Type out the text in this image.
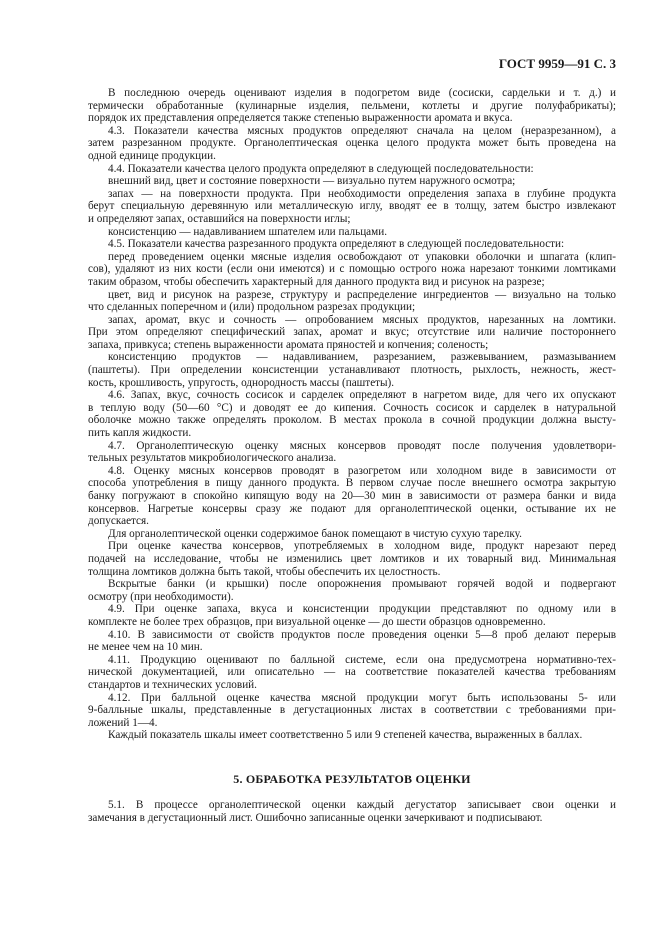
ГОСТ 9959—91 С. 3
В последнюю очередь оценивают изделия в подогретом виде (сосиски, сардельки и т. д.) и
термически обработанные (кулинарные изделия, пельмени, котлеты и другие полуфабрикаты);
порядок их представления определяется также степенью выраженности аромата и вкуса.
4.3. Показатели качества мясных продуктов определяют сначала на целом (неразрезанном), а
затем разрезанном продукте. Органолептическая оценка целого продукта может быть проведена на
одной единице продукции.
4.4. Показатели качества целого продукта определяют в следующей последовательности:
внешний вид, цвет и состояние поверхности — визуально путем наружного осмотра;
запах — на поверхности продукта. При необходимости определения запаха в глубине продукта
берут специальную деревянную или металлическую иглу, вводят ее в толщу, затем быстро извлекают
и определяют запах, оставшийся на поверхности иглы;
консистенцию — надавливанием шпателем или пальцами.
4.5. Показатели качества разрезанного продукта определяют в следующей последовательности:
перед проведением оценки мясные изделия освобождают от упаковки оболочки и шпагата (клип-
сов), удаляют из них кости (если они имеются) и с помощью острого ножа нарезают тонкими ломтиками
таким образом, чтобы обеспечить характерный для данного продукта вид и рисунок на разрезе;
цвет, вид и рисунок на разрезе, структуру и распределение ингредиентов — визуально на только
что сделанных поперечном и (или) продольном разрезах продукции;
запах, аромат, вкус и сочность — опробованием мясных продуктов, нарезанных на ломтики.
При этом определяют специфический запах, аромат и вкус; отсутствие или наличие постороннего
запаха, привкуса; степень выраженности аромата пряностей и копчения; соленость;
консистенцию продуктов — надавливанием, разрезанием, разжевыванием, размазыванием
(паштеты). При определении консистенции устанавливают плотность, рыхлость, нежность, жест-
кость, крошливость, упругость, однородность массы (паштеты).
4.6. Запах, вкус, сочность сосисок и сарделек определяют в нагретом виде, для чего их опускают
в теплую воду (50—60 °С) и доводят ее до кипения. Сочность сосисок и сарделек в натуральной
оболочке можно также определять проколом. В местах прокола в сочной продукции должна высту-
пить капля жидкости.
4.7. Органолептическую оценку мясных консервов проводят после получения удовлетвори-
тельных результатов микробиологического анализа.
4.8. Оценку мясных консервов проводят в разогретом или холодном виде в зависимости от
способа употребления в пищу данного продукта. В первом случае после внешнего осмотра закрытую
банку погружают в спокойно кипящую воду на 20—30 мин в зависимости от размера банки и вида
консервов. Нагретые консервы сразу же подают для органолептической оценки, остывание их не
допускается.
Для органолептической оценки содержимое банок помещают в чистую сухую тарелку.
При оценке качества консервов, употребляемых в холодном виде, продукт нарезают перед
подачей на исследование, чтобы не изменились цвет ломтиков и их товарный вид. Минимальная
толщина ломтиков должна быть такой, чтобы обеспечить их целостность.
Вскрытые банки (и крышки) после опорожнения промывают горячей водой и подвергают
осмотру (при необходимости).
4.9. При оценке запаха, вкуса и консистенции продукции представляют по одному или в
комплекте не более трех образцов, при визуальной оценке — до шести образцов одновременно.
4.10. В зависимости от свойств продуктов после проведения оценки 5—8 проб делают перерыв
не менее чем на 10 мин.
4.11. Продукцию оценивают по балльной системе, если она предусмотрена нормативно-тех-
нической документацией, или описательно — на соответствие показателей качества требованиям
стандартов и технических условий.
4.12. При балльной оценке качества мясной продукции могут быть использованы 5- или
9-балльные шкалы, представленные в дегустационных листах в соответствии с требованиями при-
ложений 1—4.
Каждый показатель шкалы имеет соответственно 5 или 9 степеней качества, выраженных в баллах.
5. ОБРАБОТКА РЕЗУЛЬТАТОВ ОЦЕНКИ
5.1. В процессе органолептической оценки каждый дегустатор записывает свои оценки и
замечания в дегустационный лист. Ошибочно записанные оценки зачеркивают и подписывают.
